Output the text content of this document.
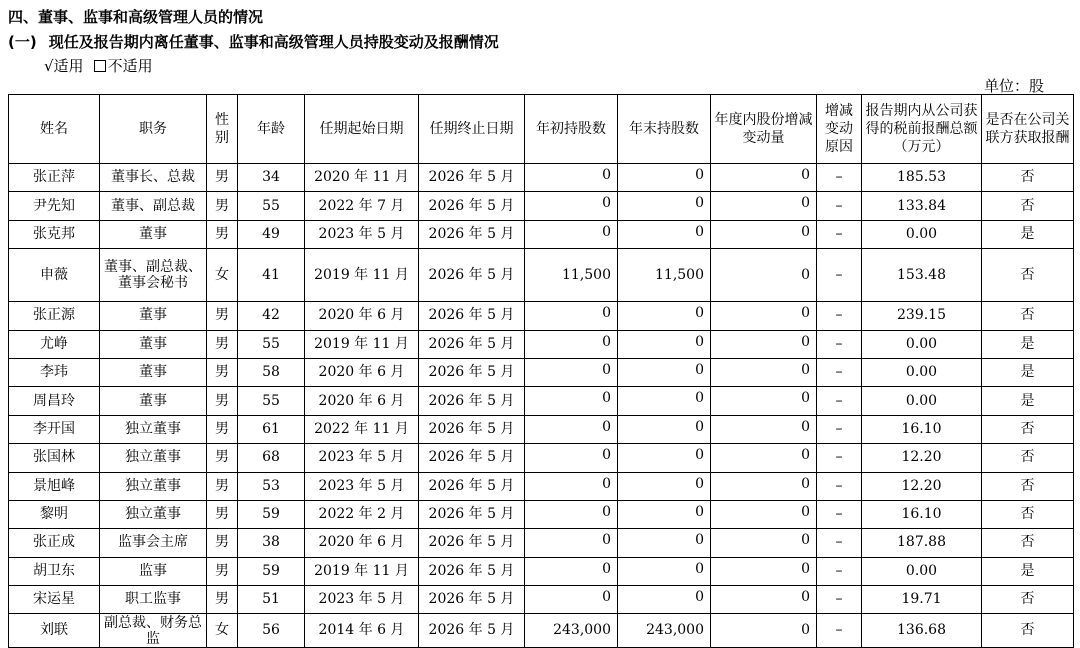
四、董事、监事和高级管理人员的情况
(一) 现任及报告期内离任董事、监事和高级管理人员持股变动及报酬情况
√适用 不适用
单位：股
姓名	职务	性别	年龄	任期起始日期	任期终止日期	年初持股数	年末持股数	年度内股份增减变动量	增减变动原因	报告期内从公司获得的税前报酬总额（万元）	是否在公司关联方获取报酬
张正萍	董事长、总裁	男	34	2020 年 11 月	2026 年 5 月	0	0	0	–	185.53	否
尹先知	董事、副总裁	男	55	2022 年 7 月	2026 年 5 月	0	0	0	–	133.84	否
张克邦	董事	男	49	2023 年 5 月	2026 年 5 月	0	0	0	–	0.00	是
申薇	董事、副总裁、董事会秘书	女	41	2019 年 11 月	2026 年 5 月	11,500	11,500	0	–	153.48	否
张正源	董事	男	42	2020 年 6 月	2026 年 5 月	0	0	0	–	239.15	否
尤峥	董事	男	55	2019 年 11 月	2026 年 5 月	0	0	0	–	0.00	是
李玮	董事	男	58	2020 年 6 月	2026 年 5 月	0	0	0	–	0.00	是
周昌玲	董事	男	55	2020 年 6 月	2026 年 5 月	0	0	0	–	0.00	是
李开国	独立董事	男	61	2022 年 11 月	2026 年 5 月	0	0	0	–	16.10	否
张国林	独立董事	男	68	2023 年 5 月	2026 年 5 月	0	0	0	–	12.20	否
景旭峰	独立董事	男	53	2023 年 5 月	2026 年 5 月	0	0	0	–	12.20	否
黎明	独立董事	男	59	2022 年 2 月	2026 年 5 月	0	0	0	–	16.10	否
张正成	监事会主席	男	38	2020 年 6 月	2026 年 5 月	0	0	0	–	187.88	否
胡卫东	监事	男	59	2019 年 11 月	2026 年 5 月	0	0	0	–	0.00	是
宋运星	职工监事	男	51	2023 年 5 月	2026 年 5 月	0	0	0	–	19.71	否
刘联	副总裁、财务总监	女	56	2014 年 6 月	2026 年 5 月	243,000	243,000	0	–	136.68	否
